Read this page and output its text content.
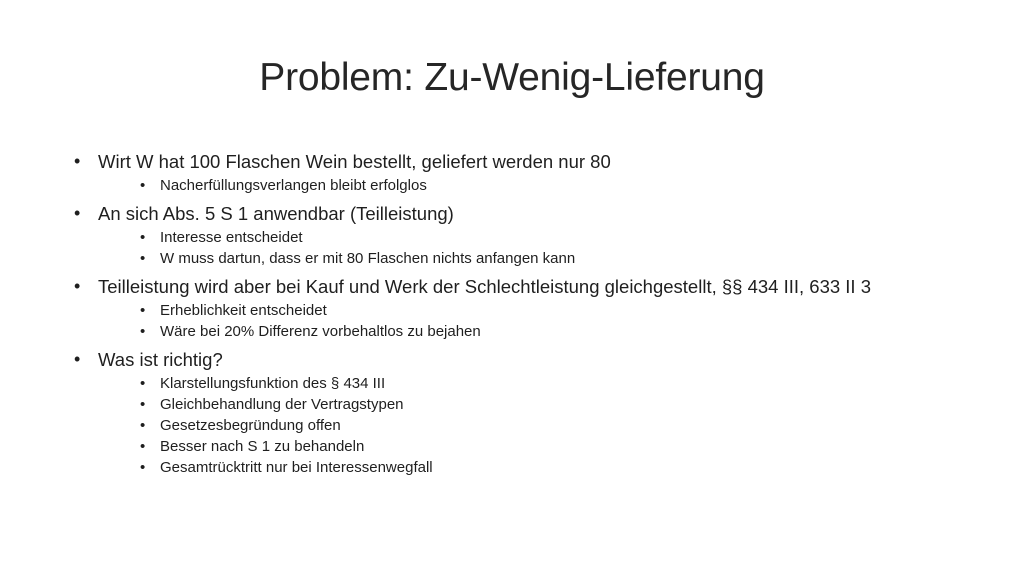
Problem: Zu-Wenig-Lieferung
• Wirt W hat 100 Flaschen Wein bestellt, geliefert werden nur 80
• Nacherfüllungsverlangen bleibt erfolglos
• An sich Abs. 5 S 1 anwendbar (Teilleistung)
• Interesse entscheidet
• W muss dartun, dass er mit 80 Flaschen nichts anfangen kann
• Teilleistung wird aber bei Kauf und Werk der Schlechtleistung gleichgestellt, §§ 434 III, 633 II 3
• Erheblichkeit entscheidet
• Wäre bei 20% Differenz vorbehaltlos zu bejahen
• Was ist richtig?
• Klarstellungsfunktion des § 434 III
• Gleichbehandlung der Vertragstypen
• Gesetzesbegründung offen
• Besser nach S 1 zu behandeln
• Gesamtrücktritt nur bei Interessenwegfall
